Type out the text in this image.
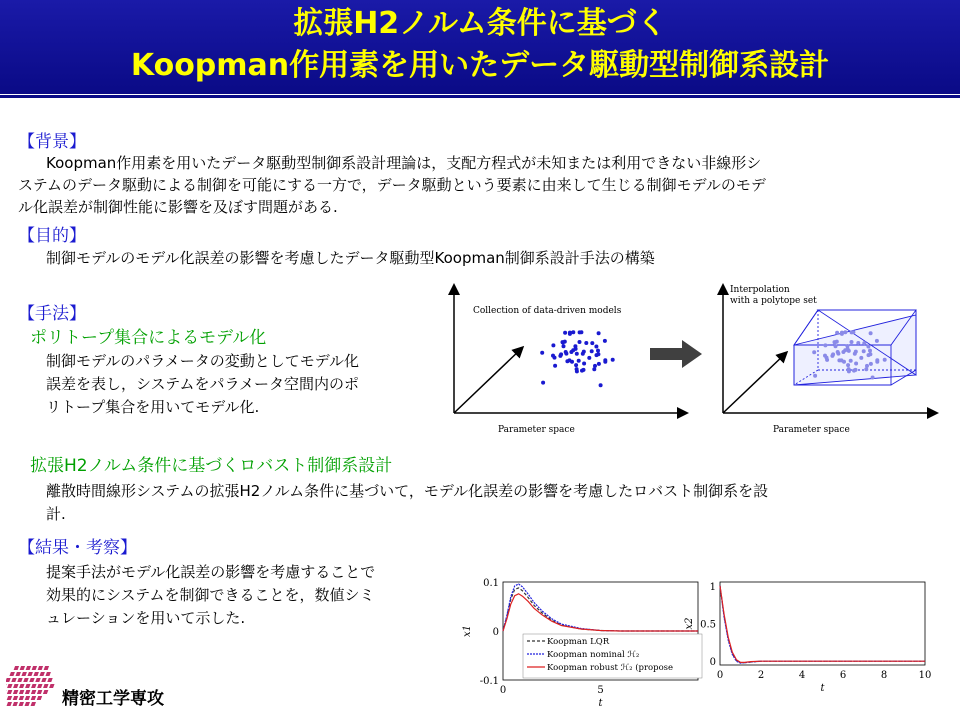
拡張H2ノルム条件に基づく
Koopman作用素を用いたデータ駆動型制御系設計
【背景】
Koopman作用素を用いたデータ駆動型制御系設計理論は，支配方程式が未知または利用できない非線形シ
ステムのデータ駆動による制御を可能にする一方で，データ駆動という要素に由来して生じる制御モデルのモデ
ル化誤差が制御性能に影響を及ぼす問題がある.
【目的】
制御モデルのモデル化誤差の影響を考慮したデータ駆動型Koopman制御系設計手法の構築
【手法】
ポリトープ集合によるモデル化
制御モデルのパラメータの変動としてモデル化
誤差を表し，システムをパラメータ空間内のポ
リトープ集合を用いてモデル化.
拡張H2ノルム条件に基づくロバスト制御系設計
離散時間線形システムの拡張H2ノルム条件に基づいて，モデル化誤差の影響を考慮したロバスト制御系を設
計.
【結果・考察】
提案手法がモデル化誤差の影響を考慮することで
効果的にシステムを制御できることを，数値シミ
ュレーションを用いて示した.
Collection of data-driven models
Parameter space
Interpolation
with a polytope set
Parameter space
0.1
0
-0.1
0	5
t
x1
Koopman LQR
Koopman nominal ℋ₂
Koopman robust ℋ₂ (propose
1
0.5
0
0	2	4	6	8	10
t
x2
精密工学専攻
